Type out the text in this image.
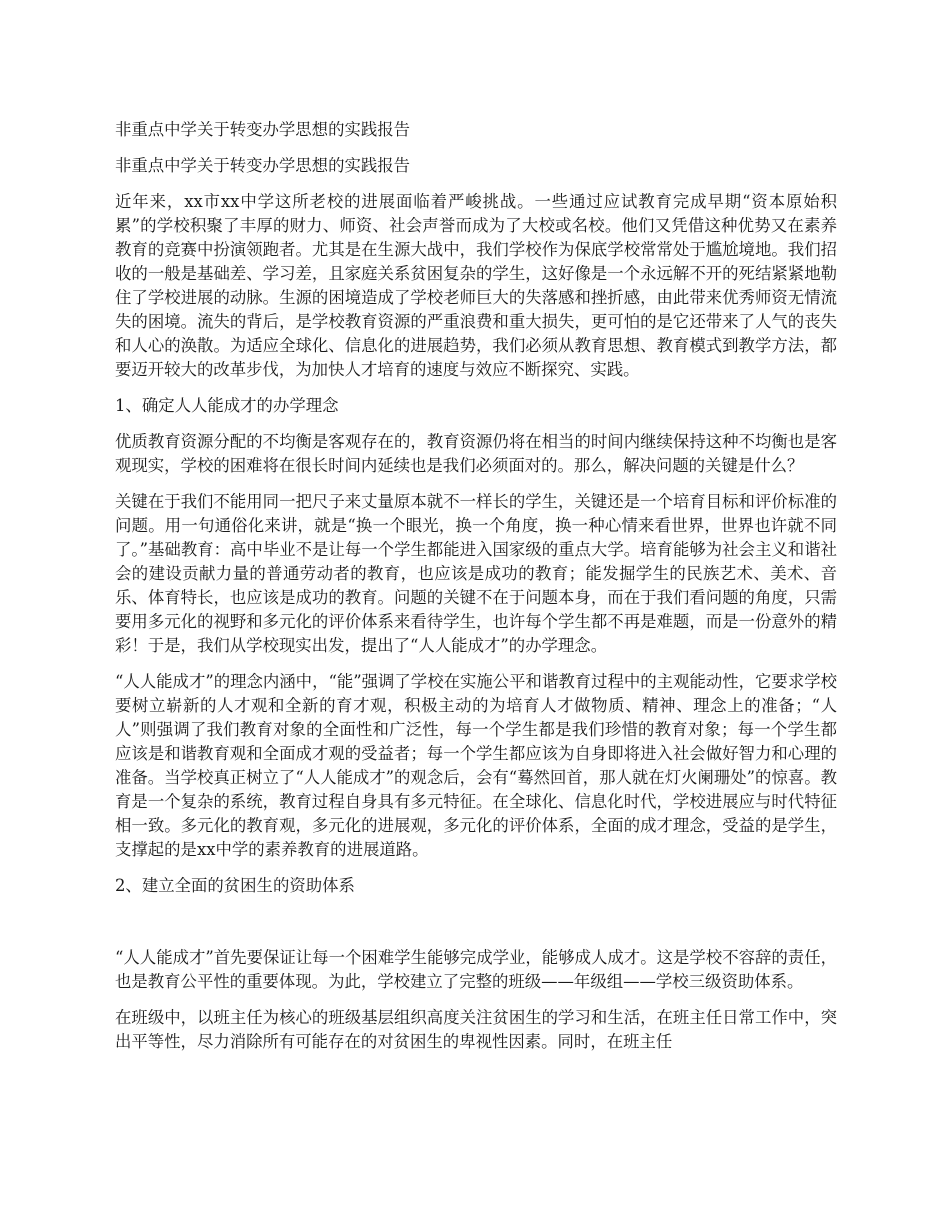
非重点中学关于转变办学思想的实践报告

非重点中学关于转变办学思想的实践报告

近年来，xx市xx中学这所老校的进展面临着严峻挑战。一些通过应试教育完成早期“资本原始积累”的学校积聚了丰厚的财力、师资、社会声誉而成为了大校或名校。他们又凭借这种优势又在素养教育的竞赛中扮演领跑者。尤其是在生源大战中，我们学校作为保底学校常常处于尴尬境地。我们招收的一般是基础差、学习差，且家庭关系贫困复杂的学生，这好像是一个永远解不开的死结紧紧地勒住了学校进展的动脉。生源的困境造成了学校老师巨大的失落感和挫折感，由此带来优秀师资无情流失的困境。流失的背后，是学校教育资源的严重浪费和重大损失，更可怕的是它还带来了人气的丧失和人心的涣散。为适应全球化、信息化的进展趋势，我们必须从教育思想、教育模式到教学方法，都要迈开较大的改革步伐，为加快人才培育的速度与效应不断探究、实践。

1、确定人人能成才的办学理念

优质教育资源分配的不均衡是客观存在的，教育资源仍将在相当的时间内继续保持这种不均衡也是客观现实，学校的困难将在很长时间内延续也是我们必须面对的。那么，解决问题的关键是什么？

关键在于我们不能用同一把尺子来丈量原本就不一样长的学生，关键还是一个培育目标和评价标准的问题。用一句通俗化来讲，就是“换一个眼光，换一个角度，换一种心情来看世界，世界也许就不同了。”基础教育：高中毕业不是让每一个学生都能进入国家级的重点大学。培育能够为社会主义和谐社会的建设贡献力量的普通劳动者的教育，也应该是成功的教育；能发掘学生的民族艺术、美术、音乐、体育特长，也应该是成功的教育。问题的关键不在于问题本身，而在于我们看问题的角度，只需要用多元化的视野和多元化的评价体系来看待学生，也许每个学生都不再是难题，而是一份意外的精彩！于是，我们从学校现实出发，提出了“人人能成才”的办学理念。

“人人能成才”的理念内涵中，“能”强调了学校在实施公平和谐教育过程中的主观能动性，它要求学校要树立崭新的人才观和全新的育才观，积极主动的为培育人才做物质、精神、理念上的准备；“人人”则强调了我们教育对象的全面性和广泛性，每一个学生都是我们珍惜的教育对象；每一个学生都应该是和谐教育观和全面成才观的受益者；每一个学生都应该为自身即将进入社会做好智力和心理的准备。当学校真正树立了“人人能成才”的观念后，会有“蓦然回首，那人就在灯火阑珊处”的惊喜。教育是一个复杂的系统，教育过程自身具有多元特征。在全球化、信息化时代，学校进展应与时代特征相一致。多元化的教育观，多元化的进展观，多元化的评价体系，全面的成才理念，受益的是学生，支撑起的是xx中学的素养教育的进展道路。

2、建立全面的贫困生的资助体系

“人人能成才”首先要保证让每一个困难学生能够完成学业，能够成人成才。这是学校不容辞的责任，也是教育公平性的重要体现。为此，学校建立了完整的班级——年级组——学校三级资助体系。

在班级中，以班主任为核心的班级基层组织高度关注贫困生的学习和生活，在班主任日常工作中，突出平等性，尽力消除所有可能存在的对贫困生的卑视性因素。同时，在班主任
